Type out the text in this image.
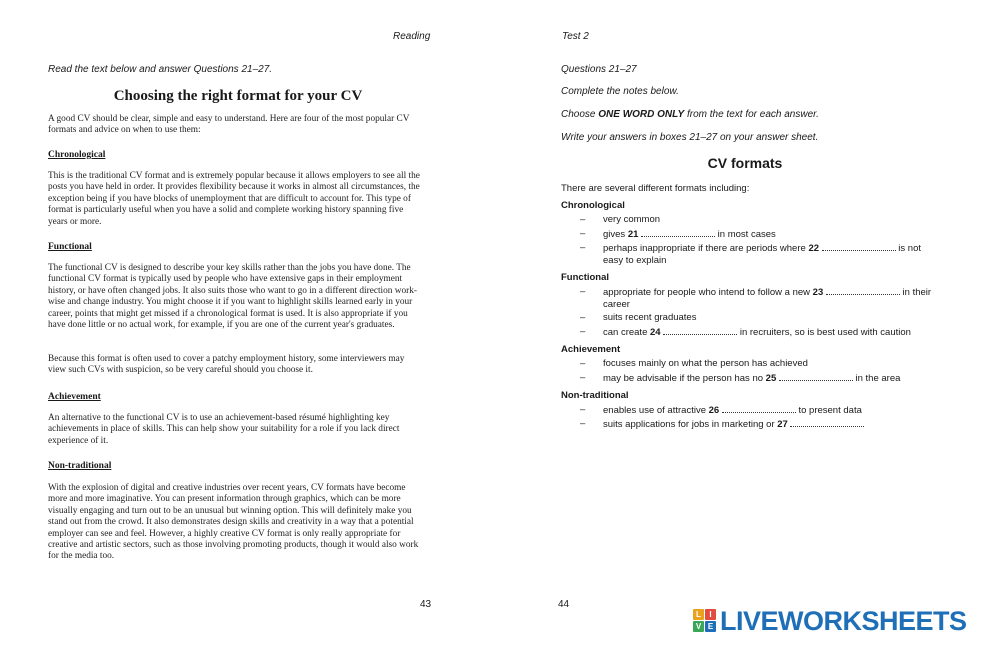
Reading
Read the text below and answer Questions 21–27.
Choosing the right format for your CV

A good CV should be clear, simple and easy to understand. Here are four of the most popular CV formats and advice on when to use them:

Chronological

This is the traditional CV format and is extremely popular because it allows employers to see all the posts you have held in order. It provides flexibility because it works in almost all circumstances, the exception being if you have blocks of unemployment that are difficult to account for. This type of format is particularly useful when you have a solid and complete working history spanning five years or more.

Functional

The functional CV is designed to describe your key skills rather than the jobs you have done. The functional CV format is typically used by people who have extensive gaps in their employment history, or have often changed jobs. It also suits those who want to go in a different direction work-wise and change industry. You might choose it if you want to highlight skills learned early in your career, points that might get missed if a chronological format is used. It is also appropriate if you have done little or no actual work, for example, if you are one of the current year's graduates.

Because this format is often used to cover a patchy employment history, some interviewers may view such CVs with suspicion, so be very careful should you choose it.

Achievement

An alternative to the functional CV is to use an achievement-based résumé highlighting key achievements in place of skills. This can help show your suitability for a role if you lack direct experience of it.

Non-traditional

With the explosion of digital and creative industries over recent years, CV formats have become more and more imaginative. You can present information through graphics, which can be more visually engaging and turn out to be an unusual but winning option. This will definitely make you stand out from the crowd. It also demonstrates design skills and creativity in a way that a potential employer can see and feel. However, a highly creative CV format is only really appropriate for creative and artistic sectors, such as those involving promoting products, though it would also work for the media too.

43
Test 2
Questions 21–27
Complete the notes below.
Choose ONE WORD ONLY from the text for each answer.
Write your answers in boxes 21–27 on your answer sheet.
CV formats
There are several different formats including:
Chronological
– very common
– gives 21	in most cases
– perhaps inappropriate if there are periods where 22	is not easy to explain
Functional
– appropriate for people who intend to follow a new 23	in their career
– suits recent graduates
– can create 24	in recruiters, so is best used with caution
Achievement
– focuses mainly on what the person has achieved
– may be advisable if the person has no 25	in the area
Non-traditional
– enables use of attractive 26	to present data
– suits applications for jobs in marketing or 27
44
L	I
V E LIVEWORKSHEETS
